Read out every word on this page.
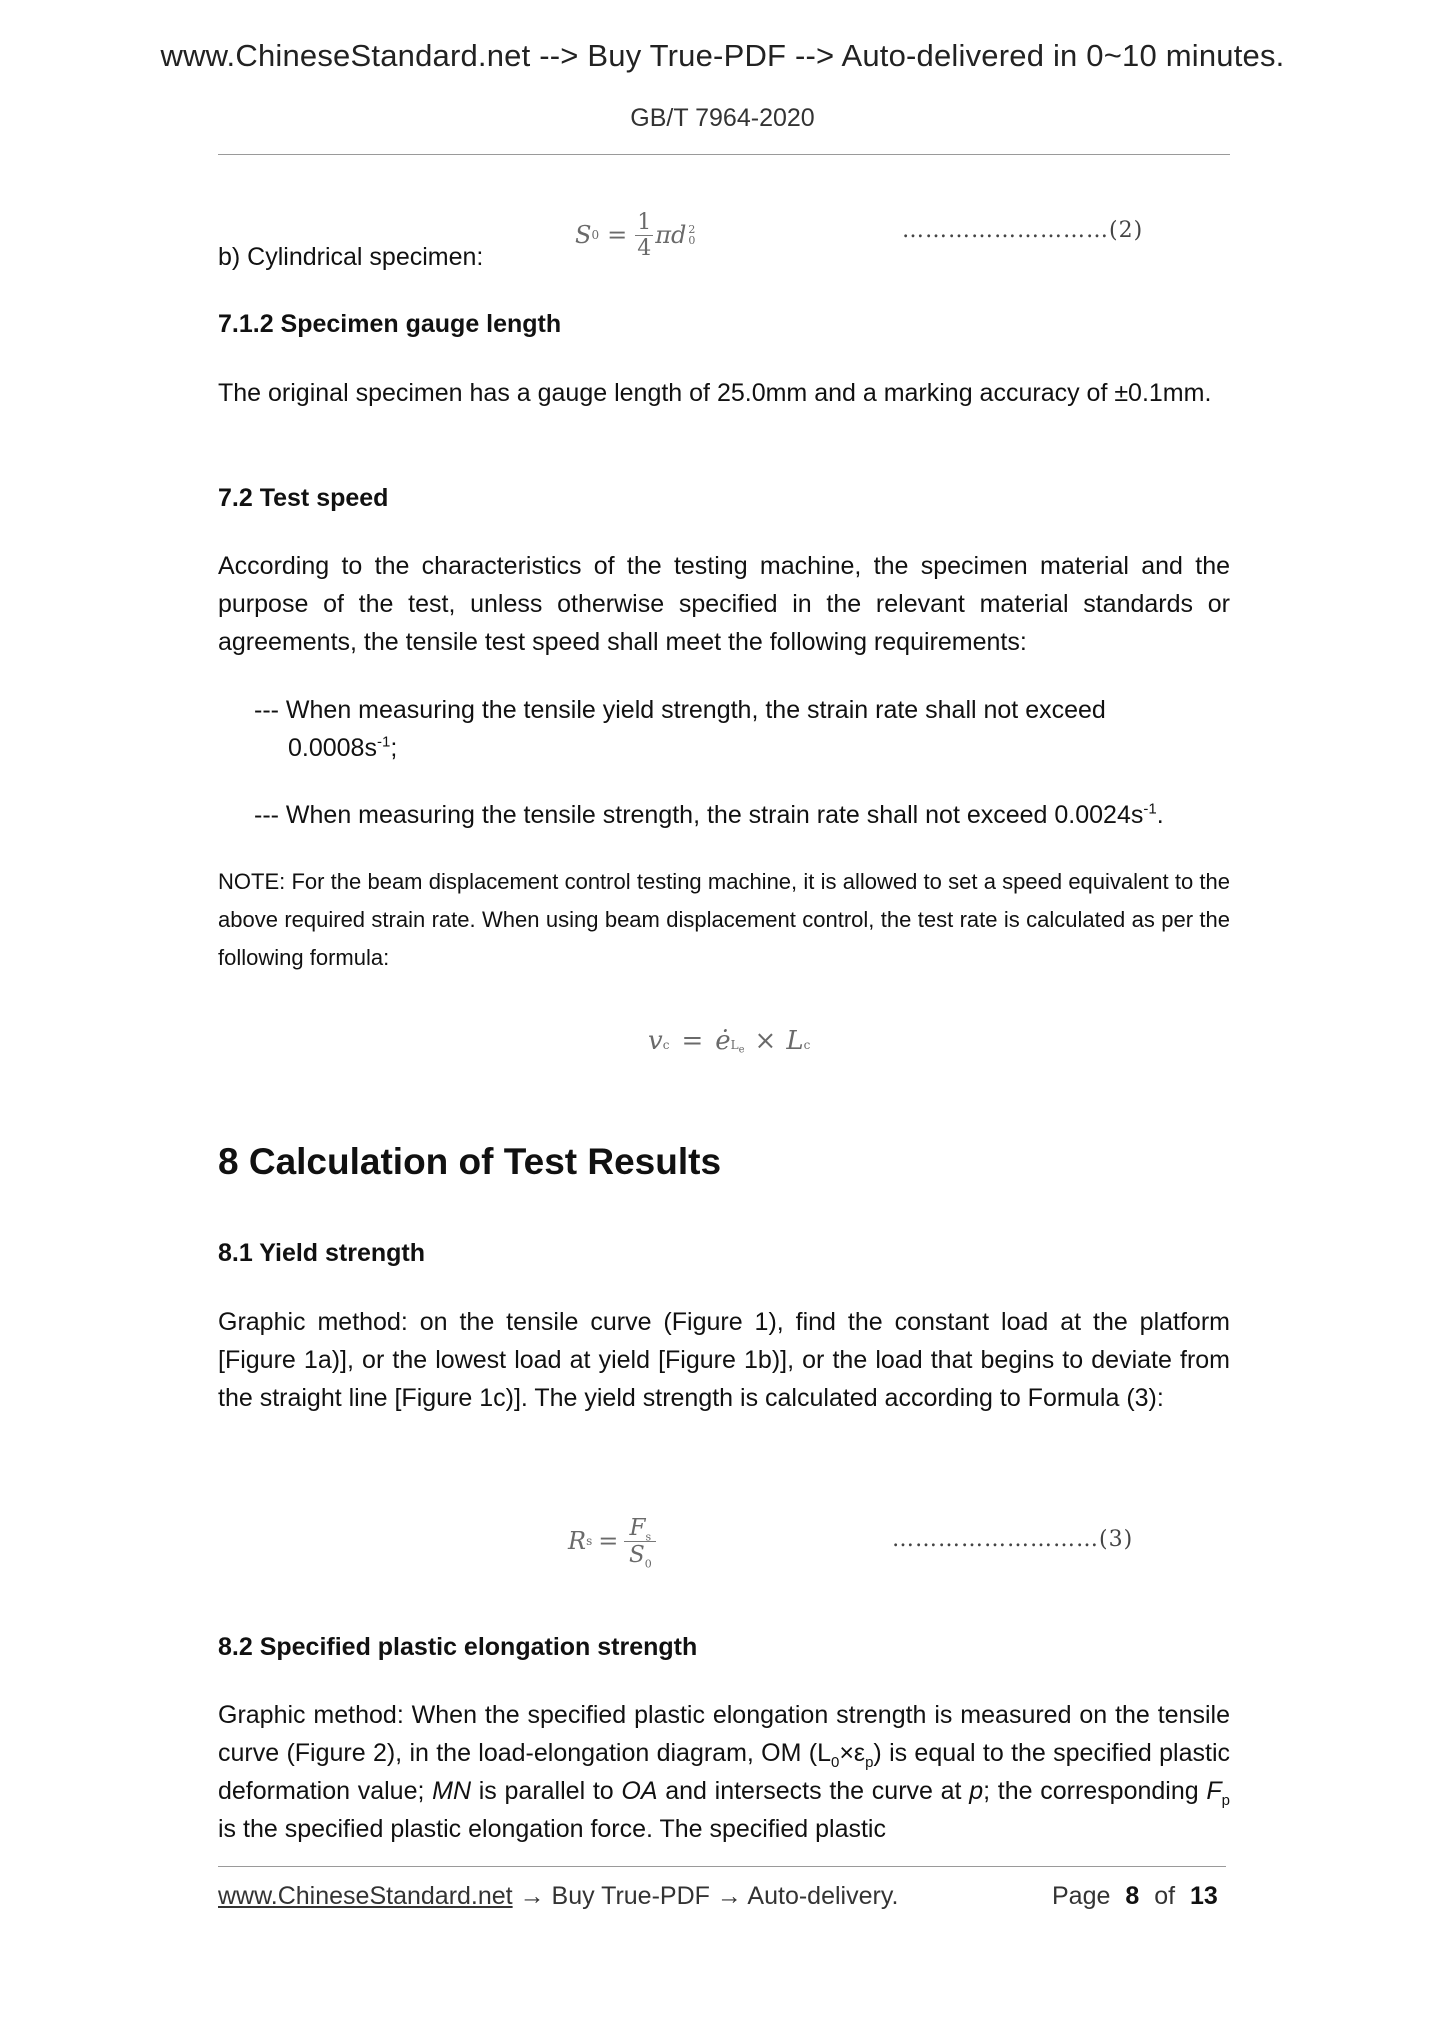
www.ChineseStandard.net --> Buy True-PDF --> Auto-delivered in 0~10 minutes.
GB/T 7964-2020
b) Cylindrical specimen:
S 0 = 1
4 πd 2
0	………………………(2)
7.1.2 Specimen gauge length
The original specimen has a gauge length of 25.0mm and a marking accuracy of ±0.1mm.
7.2 Test speed
According to the characteristics of the testing machine, the specimen material and the purpose of the test, unless otherwise specified in the relevant material standards or agreements, the tensile test speed shall meet the following requirements:
--- When measuring the tensile yield strength, the strain rate shall not exceed
$0.0008s^{-1}$;
--- When measuring the tensile strength, the strain rate shall not exceed $0.0024s^{-1}$.
NOTE: For the beam displacement control testing machine, it is allowed to set a speed equivalent to the above required strain rate. When using beam displacement control, the test rate is calculated as per the following formula:
v c = ė $_{L_e}$ × L c
8 Calculation of Test Results
8.1 Yield strength
Graphic method: on the tensile curve (Figure 1), find the constant load at the platform [Figure 1a)], or the lowest load at yield [Figure 1b)], or the load that begins to deviate from the straight line [Figure 1c)]. The yield strength is calculated according to Formula (3):
R $s = F_s$
$S_0$
………………………(3)
8.2 Specified plastic elongation strength
Graphic method: When the specified plastic elongation strength is measured on the tensile curve (Figure 2), in the load-elongation diagram, OM $(L_0\times\varepsilon_p)$ is equal to the specified plastic deformation value; MN is parallel to OA and intersects the curve at p; the corresponding $F_p$ is the specified plastic elongation force. The specified plastic
www.ChineseStandard.net → Buy True-PDF → Auto-delivery.	Page 8 of 13
